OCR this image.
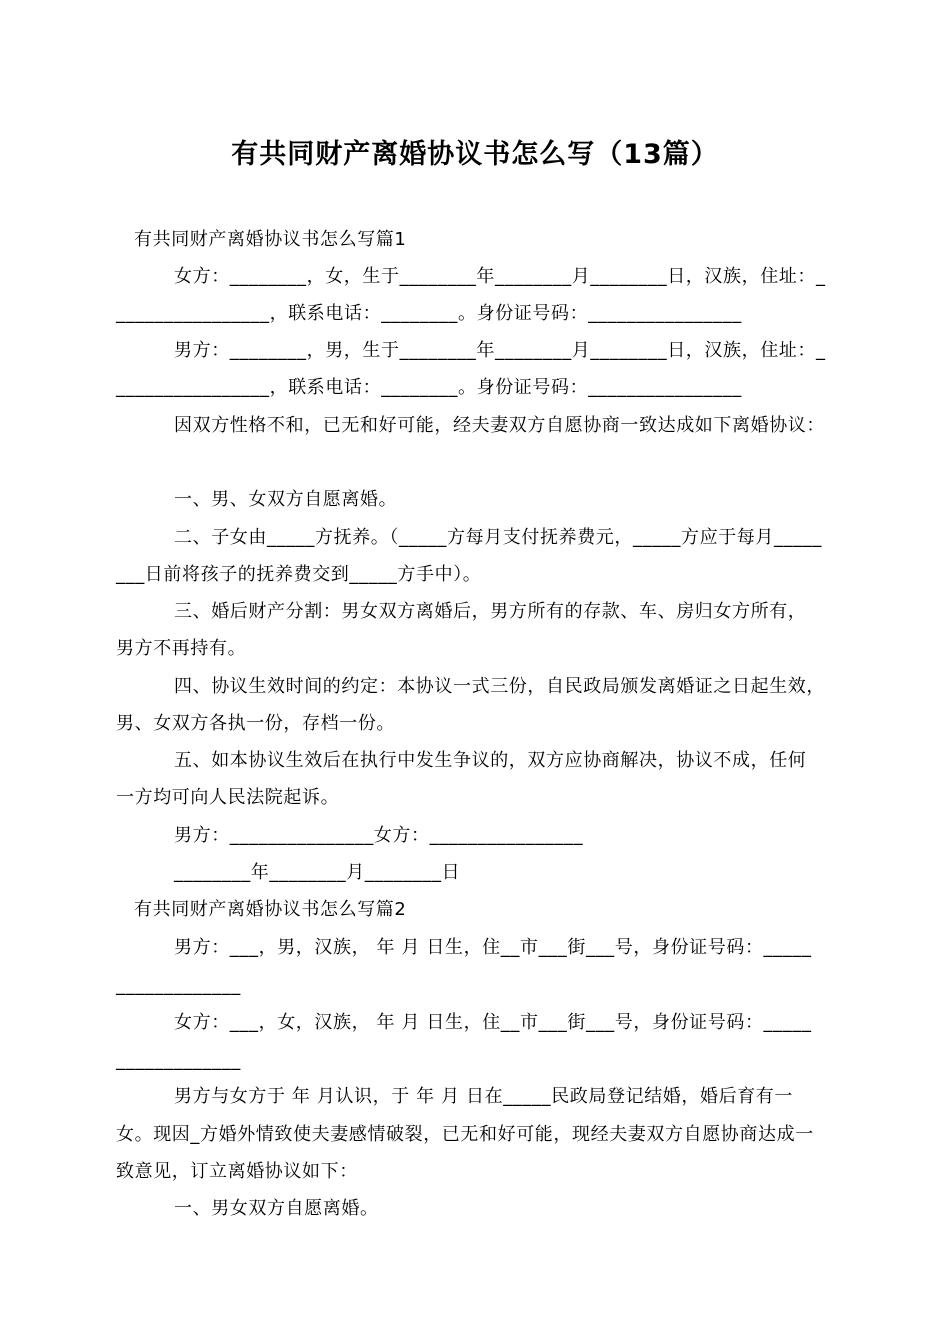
有共同财产离婚协议书怎么写（13篇）
有共同财产离婚协议书怎么写篇1
女方：________，女，生于________年________月________日，汉族，住址：_
________________，联系电话：________。身份证号码：________________
男方：________，男，生于________年________月________日，汉族，住址：_
________________，联系电话：________。身份证号码：________________
因双方性格不和，已无和好可能，经夫妻双方自愿协商一致达成如下离婚协议：
一、男、女双方自愿离婚。
二、子女由_____方抚养。（_____方每月支付抚养费元，_____方应于每月_____
___日前将孩子的抚养费交到_____方手中）。
三、婚后财产分割：男女双方离婚后，男方所有的存款、车、房归女方所有，
男方不再持有。
四、协议生效时间的约定：本协议一式三份，自民政局颁发离婚证之日起生效，
男、女双方各执一份，存档一份。
五、如本协议生效后在执行中发生争议的，双方应协商解决，协议不成，任何
一方均可向人民法院起诉。
男方：_______________女方：________________
________年________月________日
有共同财产离婚协议书怎么写篇2
男方：___，男，汉族， 年 月 日生，住__市___街___号，身份证号码：_____
_____________
女方：___，女，汉族， 年 月 日生，住__市___街___号，身份证号码：_____
_____________
男方与女方于 年 月认识，于 年 月 日在_____民政局登记结婚，婚后育有一
女。现因_方婚外情致使夫妻感情破裂，已无和好可能，现经夫妻双方自愿协商达成一
致意见，订立离婚协议如下：
一、男女双方自愿离婚。
